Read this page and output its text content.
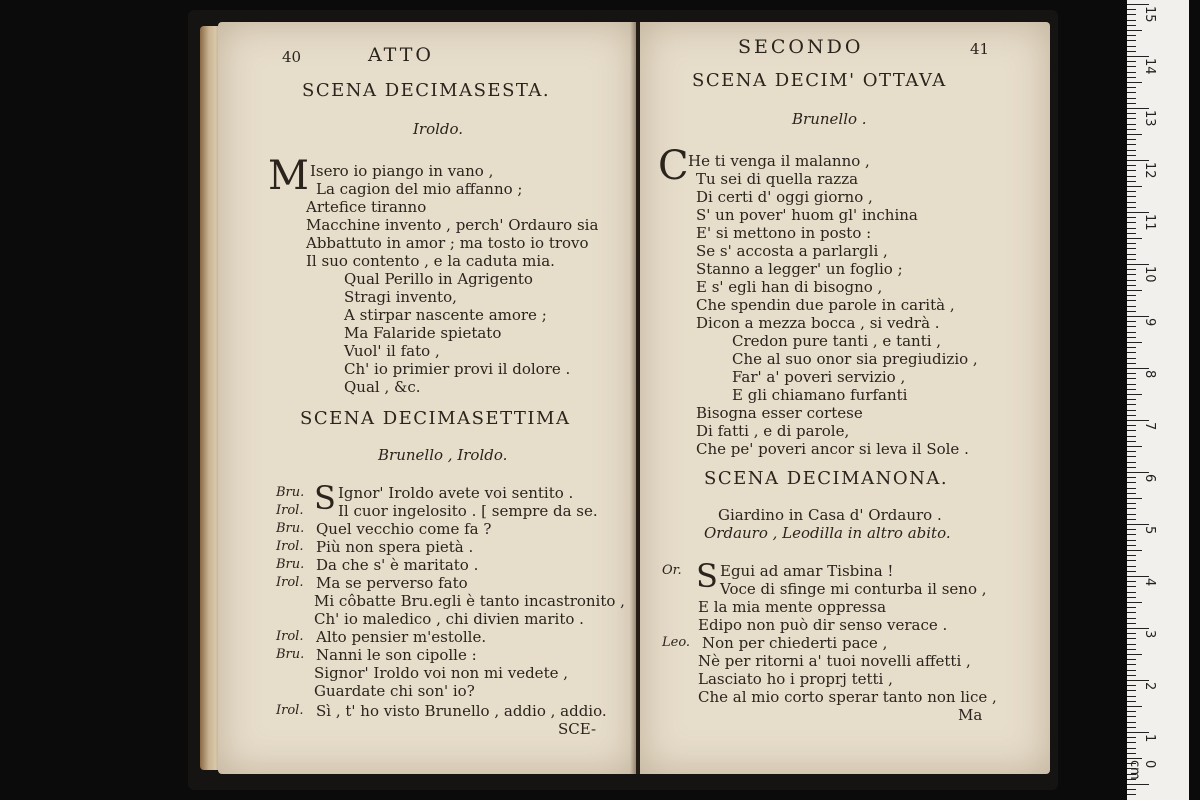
40	ATTO
SCENA DECIMASESTA.
Iroldo.
M Isero io piango in vano ,
La cagion del mio affanno ;
Artefice tiranno
Macchine invento , perch' Ordauro sia
Abbattuto in amor ; ma tosto io trovo
Il suo contento , e la caduta mia.
Qual Perillo in Agrigento
Stragi invento,
A stirpar nascente amore ;
Ma Falaride spietato
Vuol' il fato ,
Ch' io primier provi il dolore .
Qual , &c.
SCENA DECIMASETTIMA
Brunello , Iroldo.
S
Bru. Ignor' Iroldo avete voi sentito .
Irol. Il cuor ingelosito . [ sempre da se.
Bru. Quel vecchio come fa ?
Irol. Più non spera pietà .
Bru. Da che s' è maritato .
Irol. Ma se perverso fato
Mi côbatte Bru.egli è tanto incastronito ,
Ch' io maledico , chi divien marito .
Irol. Alto pensier m'estolle.
Bru. Nanni le son cipolle :
Signor' Iroldo voi non mi vedete ,
Guardate chi son' io?
Irol. Sì , t' ho visto Brunello , addio , addio.
SCE-
SECONDO	41
SCENA DECIM' OTTAVA
Brunello .
C He ti venga il malanno ,
Tu sei di quella razza
Di certi d' oggi giorno ,
S' un pover' huom gl' inchina
E' si mettono in posto :
Se s' accosta a parlargli ,
Stanno a legger' un foglio ;
E s' egli han di bisogno ,
Che spendin due parole in carità ,
Dicon a mezza bocca , si vedrà .
Credon pure tanti , e tanti ,
Che al suo onor sia pregiudizio ,
Far' a' poveri servizio ,
E gli chiamano furfanti
Bisogna esser cortese
Di fatti , e di parole,
Che pe' poveri ancor si leva il Sole .
SCENA DECIMANONA.
Giardino in Casa d' Ordauro .
Ordauro , Leodilla in altro abito.
S
Or.	Egui ad amar Tisbina !
Voce di sfinge mi conturba il seno ,
E la mia mente oppressa
Edipo non può dir senso verace .
Leo. Non per chiederti pace ,
Nè per ritorni a' tuoi novelli affetti ,
Lasciato ho i proprj tetti ,
Che al mio corto sperar tanto non lice ,
Ma
15
14
13
12
11
10
9
8
7
6
5
4
3
2
1
0 cm
